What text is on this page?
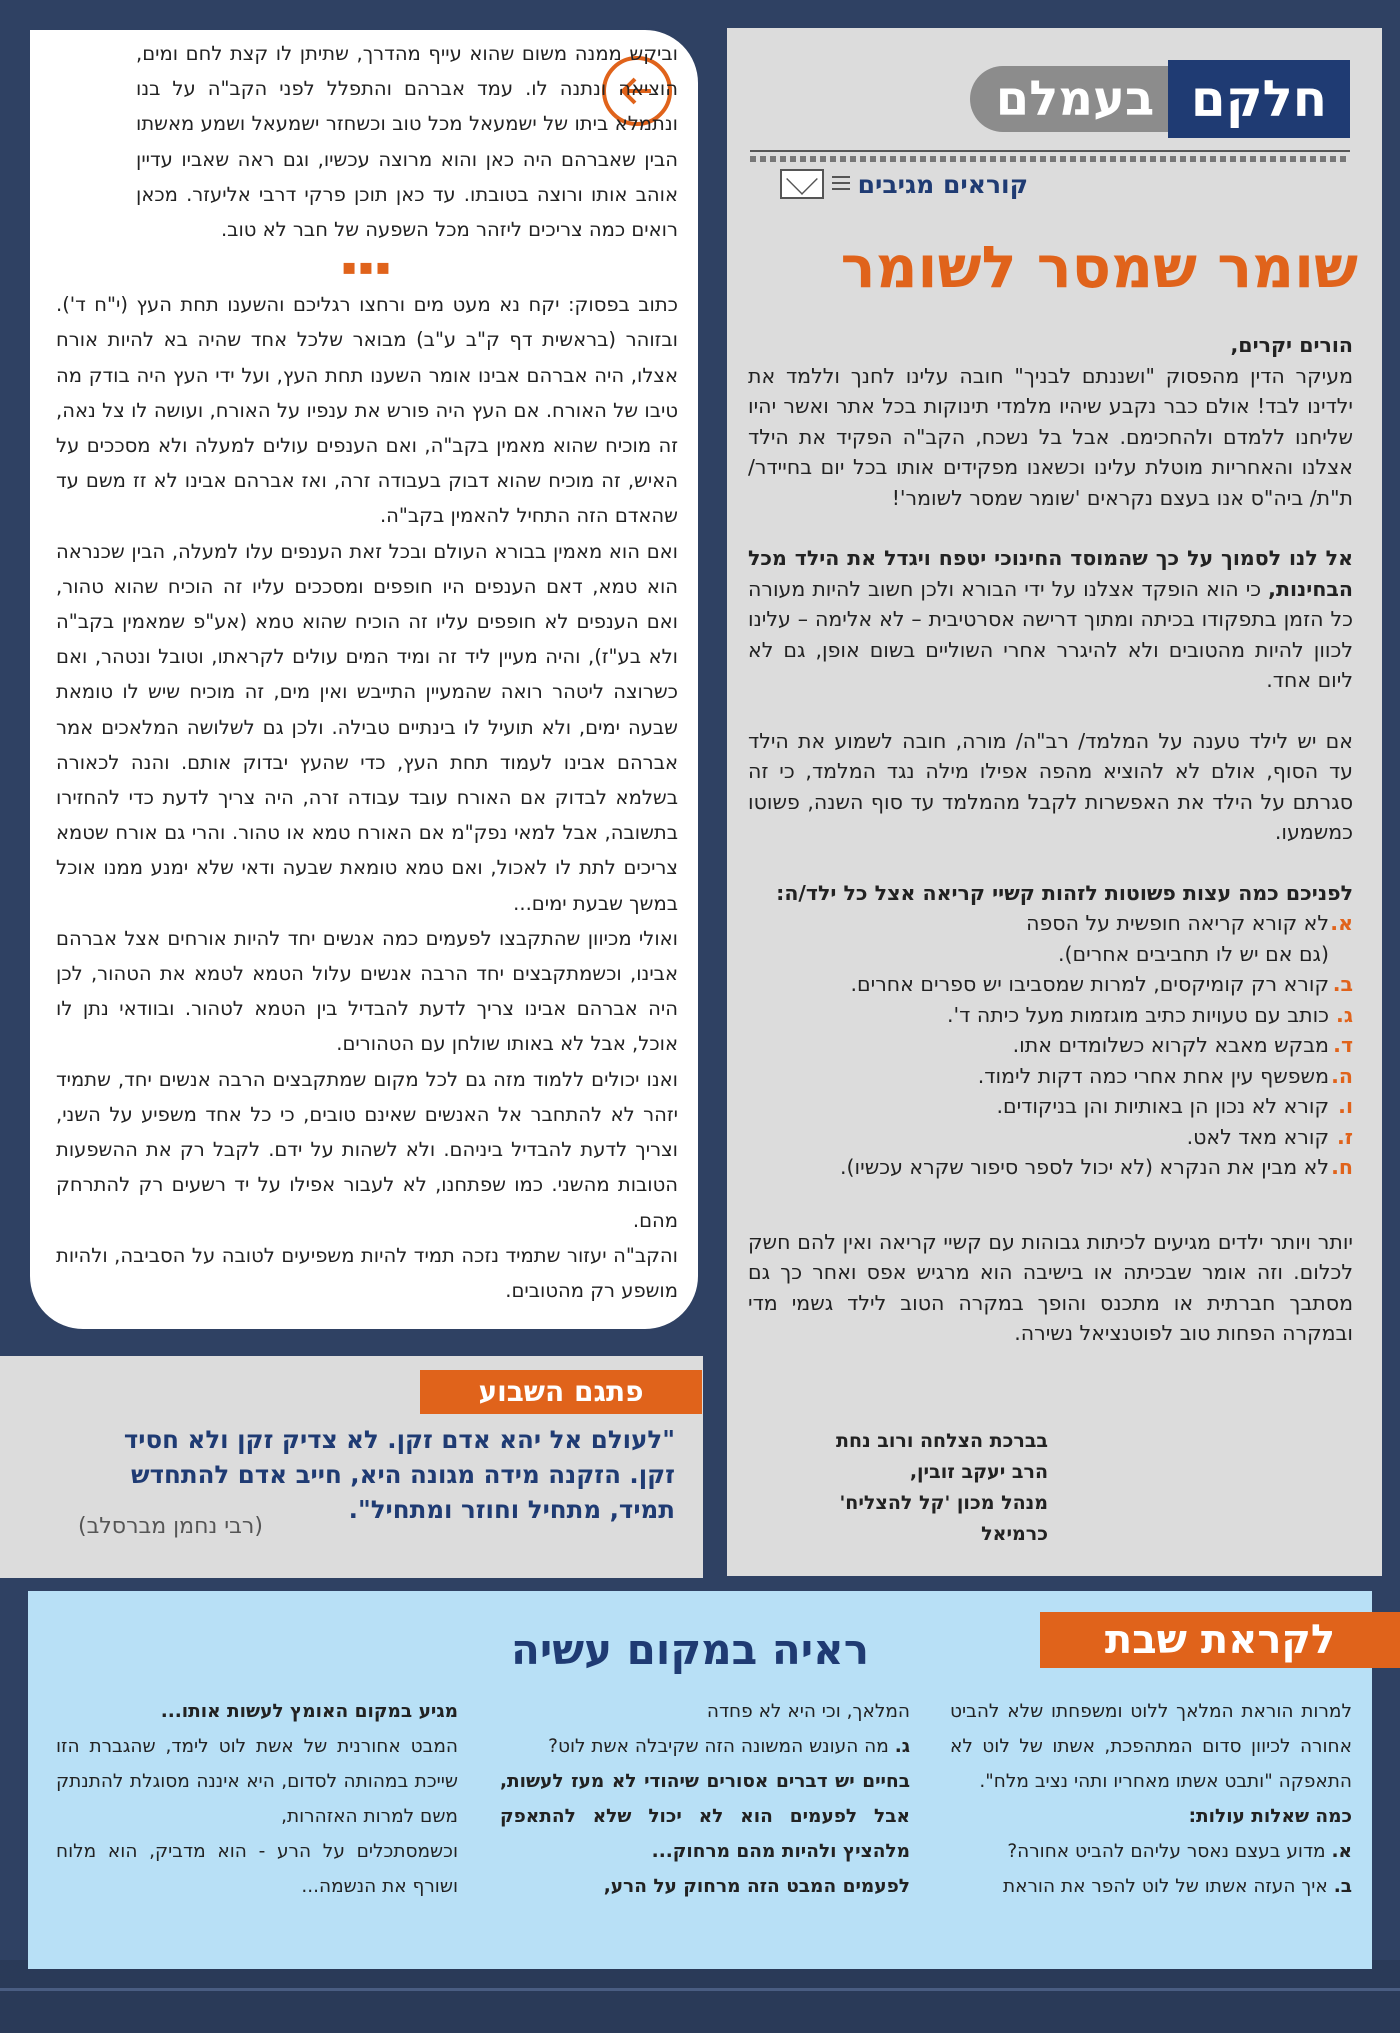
בעמלם חלקם
קוראים מגיבים
שומר שמסר לשומר

הורים יקרים,

מעיקר הדין מהפסוק "ושננתם לבניך" חובה עלינו לחנך וללמד את ילדינו לבד! אולם כבר נקבע שיהיו מלמדי תינוקות בכל אתר ואשר יהיו שליחנו ללמדם ולהחכימם. אבל בל נשכח, הקב"ה הפקיד את הילד אצלנו והאחריות מוטלת עלינו וכשאנו מפקידים אותו בכל יום בחיידר/ ת"ת/ ביה"ס אנו בעצם נקראים 'שומר שמסר לשומר'!

אל לנו לסמוך על כך שהמוסד החינוכי יטפח ויגדל את הילד מכל הבחינות, כי הוא הופקד אצלנו על ידי הבורא ולכן חשוב להיות מעורה כל הזמן בתפקודו בכיתה ומתוך דרישה אסרטיבית – לא אלימה – עלינו לכוון להיות מהטובים ולא להיגרר אחרי השוליים בשום אופן, גם לא ליום אחד.

אם יש לילד טענה על המלמד/ רב"ה/ מורה, חובה לשמוע את הילד עד הסוף, אולם לא להוציא מהפה אפילו מילה נגד המלמד, כי זה סגרתם על הילד את האפשרות לקבל מהמלמד עד סוף השנה, פשוטו כמשמעו.

לפניכם כמה עצות פשוטות לזהות קשיי קריאה אצל כל ילד/ה:

א.
לא קורא קריאה חופשית על הספה
(גם אם יש לו תחביבים אחרים).
ב.
קורא רק קומיקסים, למרות שמסביבו יש ספרים אחרים.
ג.
כותב עם טעויות כתיב מוגזמות מעל כיתה ד'.
ד.
מבקש מאבא לקרוא כשלומדים אתו.
ה.
משפשף עין אחת אחרי כמה דקות לימוד.
ו.
קורא לא נכון הן באותיות והן בניקודים.
ז.
קורא מאד לאט.
ח.
לא מבין את הנקרא (לא יכול לספר סיפור שקרא עכשיו).

יותר ויותר ילדים מגיעים לכיתות גבוהות עם קשיי קריאה ואין להם חשק לכלום. וזה אומר שבכיתה או בישיבה הוא מרגיש אפס ואחר כך גם מסתבך חברתית או מתכנס והופך במקרה הטוב לילד גשמי מדי ובמקרה הפחות טוב לפוטנציאל נשירה.

בברכת הצלחה ורוב נחת
הרב יעקב זובין,
מנהל מכון 'קל להצליח'
כרמיאל

וביקש ממנה משום שהוא עייף מהדרך, שתיתן לו קצת לחם ומים, הוציאה ונתנה לו. עמד אברהם והתפלל לפני הקב"ה על בנו ונתמלא ביתו של ישמעאל מכל טוב וכשחזר ישמעאל ושמע מאשתו הבין שאברהם היה כאן והוא מרוצה עכשיו, וגם ראה שאביו עדיין אוהב אותו ורוצה בטובתו. עד כאן תוכן פרקי דרבי אליעזר. מכאן רואים כמה צריכים ליזהר מכל השפעה של חבר לא טוב.

▪▪▪

כתוב בפסוק: יקח נא מעט מים ורחצו רגליכם והשענו תחת העץ (י"ח ד'). ובזוהר (בראשית דף ק"ב ע"ב) מבואר שלכל אחד שהיה בא להיות אורח אצלו, היה אברהם אבינו אומר השענו תחת העץ, ועל ידי העץ היה בודק מה טיבו של האורח. אם העץ היה פורש את ענפיו על האורח, ועושה לו צל נאה, זה מוכיח שהוא מאמין בקב"ה, ואם הענפים עולים למעלה ולא מסככים על האיש, זה מוכיח שהוא דבוק בעבודה זרה, ואז אברהם אבינו לא זז משם עד שהאדם הזה התחיל להאמין בקב"ה.

ואם הוא מאמין בבורא העולם ובכל זאת הענפים עלו למעלה, הבין שכנראה הוא טמא, דאם הענפים היו חופפים ומסככים עליו זה הוכיח שהוא טהור, ואם הענפים לא חופפים עליו זה הוכיח שהוא טמא (אע"פ שמאמין בקב"ה ולא בע"ז), והיה מעיין ליד זה ומיד המים עולים לקראתו, וטובל ונטהר, ואם כשרוצה ליטהר רואה שהמעיין התייבש ואין מים, זה מוכיח שיש לו טומאת שבעה ימים, ולא תועיל לו בינתיים טבילה. ולכן גם לשלושה המלאכים אמר אברהם אבינו לעמוד תחת העץ, כדי שהעץ יבדוק אותם. והנה לכאורה בשלמא לבדוק אם האורח עובד עבודה זרה, היה צריך לדעת כדי להחזירו בתשובה, אבל למאי נפק"מ אם האורח טמא או טהור. והרי גם אורח שטמא צריכים לתת לו לאכול, ואם טמא טומאת שבעה ודאי שלא ימנע ממנו אוכל במשך שבעת ימים...

ואולי מכיוון שהתקבצו לפעמים כמה אנשים יחד להיות אורחים אצל אברהם אבינו, וכשמתקבצים יחד הרבה אנשים עלול הטמא לטמא את הטהור, לכן היה אברהם אבינו צריך לדעת להבדיל בין הטמא לטהור. ובוודאי נתן לו אוכל, אבל לא באותו שולחן עם הטהורים.

ואנו יכולים ללמוד מזה גם לכל מקום שמתקבצים הרבה אנשים יחד, שתמיד יזהר לא להתחבר אל האנשים שאינם טובים, כי כל אחד משפיע על השני, וצריך לדעת להבדיל ביניהם. ולא לשהות על ידם. לקבל רק את ההשפעות הטובות מהשני. כמו שפתחנו, לא לעבור אפילו על יד רשעים רק להתרחק מהם.

והקב"ה יעזור שתמיד נזכה תמיד להיות משפיעים לטובה על הסביבה, ולהיות מושפע רק מהטובים.

פתגם השבוע
"לעולם אל יהא אדם זקן. לא צדיק זקן ולא חסיד זקן. הזקנה מידה מגונה היא, חייב אדם להתחדש תמיד, מתחיל וחוזר ומתחיל".
(רבי נחמן מברסלב)
לקראת שבת
ראיה במקום עשיה

למרות הוראת המלאך ללוט ומשפחתו שלא להביט אחורה לכיוון סדום המתהפכת, אשתו של לוט לא התאפקה "ותבט אשתו מאחריו ותהי נציב מלח".

כמה שאלות עולות:

א. מדוע בעצם נאסר עליהם להביט אחורה?

ב. איך העזה אשתו של לוט להפר את הוראת

המלאך, וכי היא לא פחדה

ג. מה העונש המשונה הזה שקיבלה אשת לוט?

בחיים יש דברים אסורים שיהודי לא מעז לעשות, אבל לפעמים הוא לא יכול שלא להתאפק מלהציץ ולהיות מהם מרחוק...

לפעמים המבט הזה מרחוק על הרע,

מגיע במקום האומץ לעשות אותו...

המבט אחורנית של אשת לוט לימד, שהגברת הזו שייכת במהותה לסדום, היא איננה מסוגלת להתנתק משם למרות האזהרות,

וכשמסתכלים על הרע - הוא מדביק, הוא מלוח ושורף את הנשמה...
